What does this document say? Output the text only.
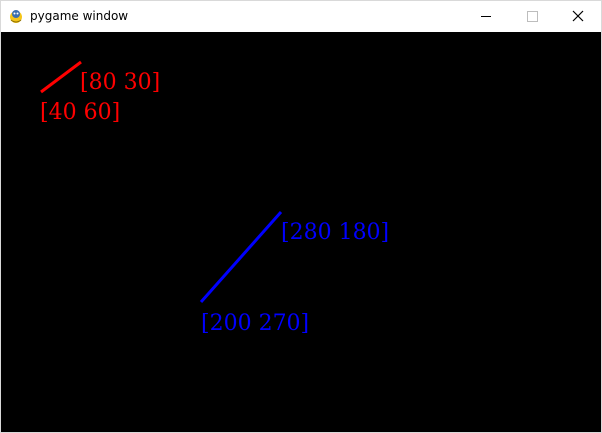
pygame window
[80 30]
[40 60]
[280 180]
[200 270]
